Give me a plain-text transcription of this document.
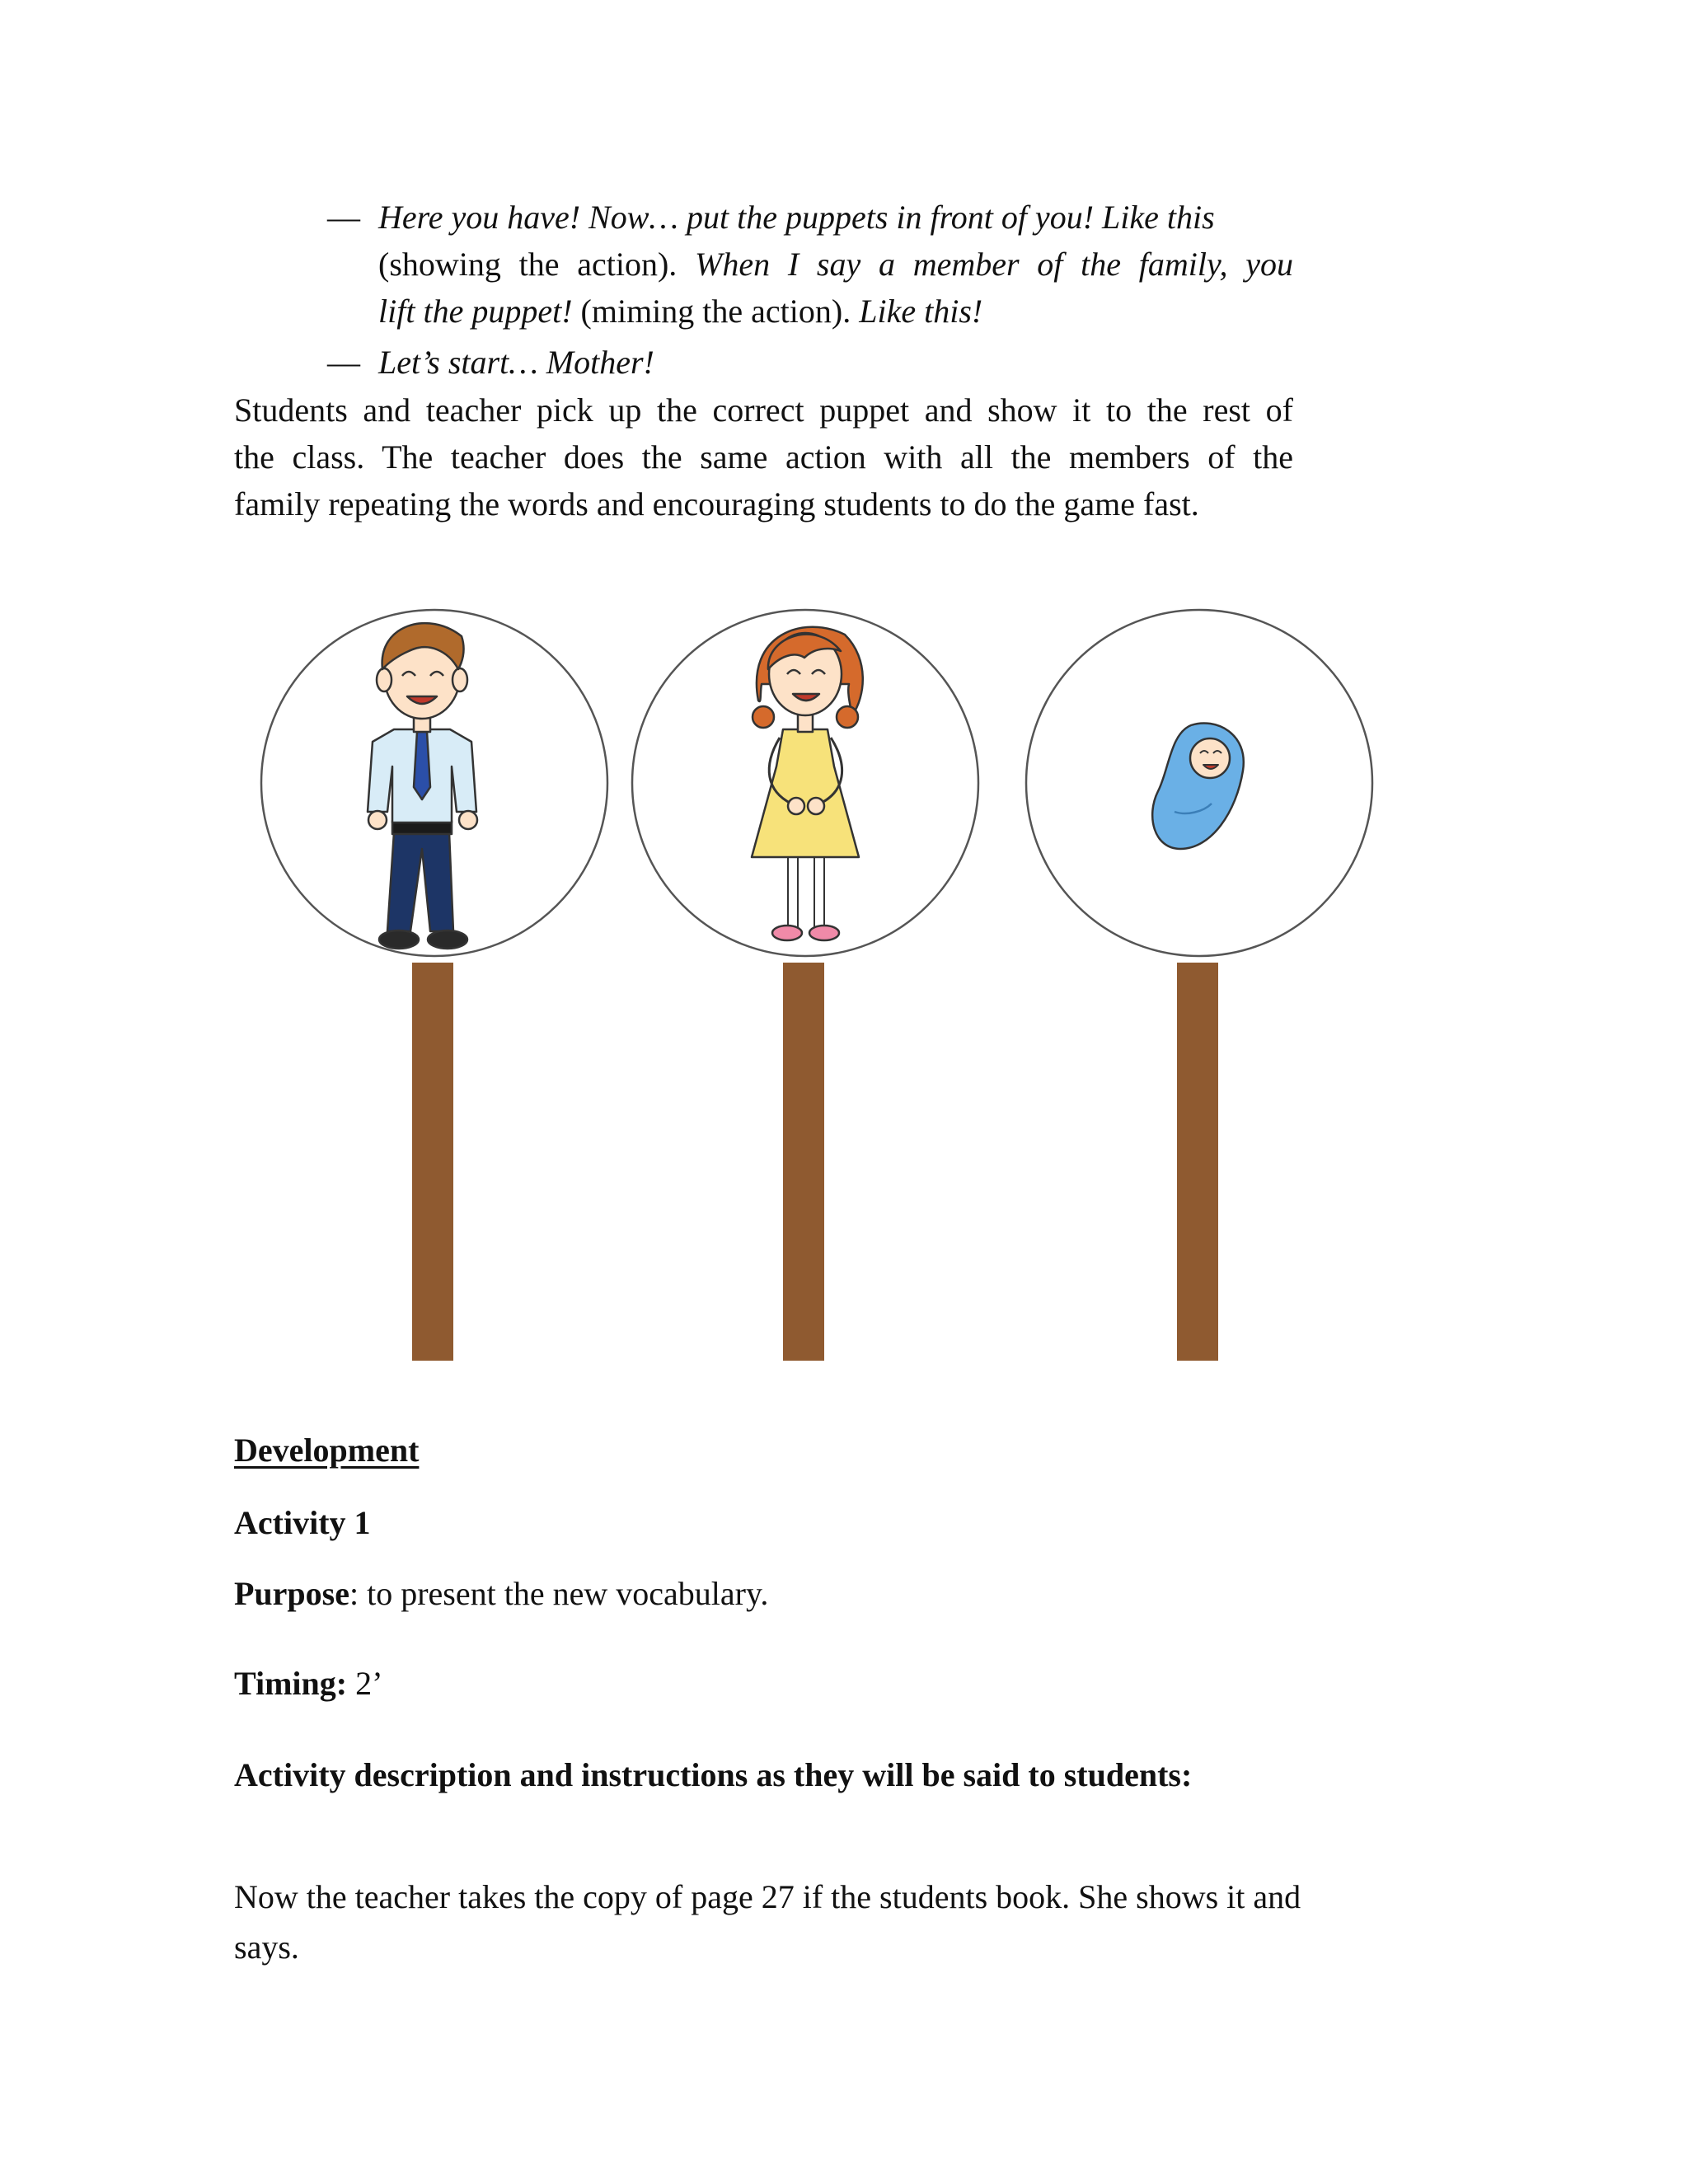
— Here you have! Now… put the puppets in front of you! Like this
(showing the action). When I say a member of the family, you
lift the puppet! (miming the action). Like this!
— Let’s start… Mother!
Students and teacher pick up the correct puppet and show it to the rest of
the class. The teacher does the same action with all the members of the
family repeating the words and encouraging students to do the game fast.
Development
Activity 1
Purpose: to present the new vocabulary.
Timing: 2’
Activity description and instructions as they will be said to students:
Now the teacher takes the copy of page 27 if the students book. She shows it and
says.
